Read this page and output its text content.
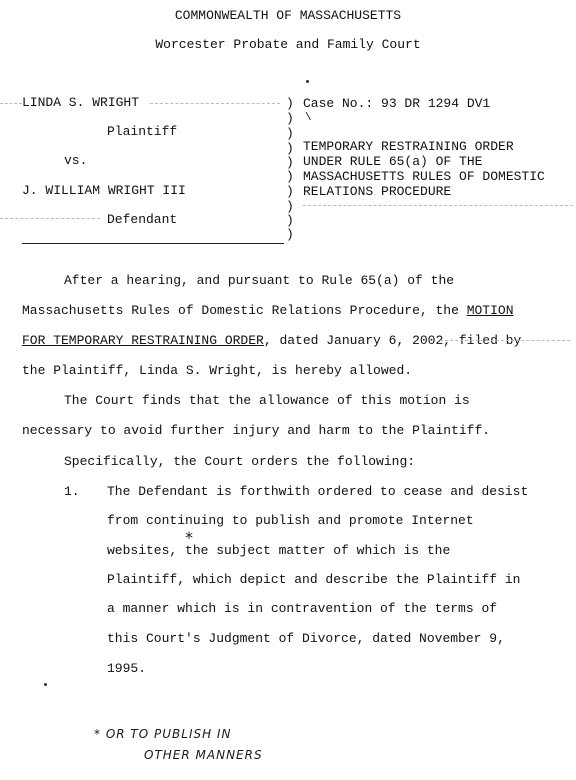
COMMONWEALTH OF MASSACHUSETTS
Worcester Probate and Family Court
LINDA S. WRIGHT
Plaintiff
vs.
J. WILLIAM WRIGHT III
Defendant
)
)
)
)
)
)
)
)
)
)
Case No.: 93 DR 1294 DV1
\
TEMPORARY RESTRAINING ORDER
UNDER RULE 65(a) OF THE
MASSACHUSETTS RULES OF DOMESTIC
RELATIONS PROCEDURE
After a hearing, and pursuant to Rule 65(a) of the
Massachusetts Rules of Domestic Relations Procedure, the MOTION
FOR TEMPORARY RESTRAINING ORDER, dated January 6, 2002, filed by
the Plaintiff, Linda S. Wright, is hereby allowed.
The Court finds that the allowance of this motion is
necessary to avoid further injury and harm to the Plaintiff.
Specifically, the Court orders the following:
1. The Defendant is forthwith ordered to cease and desist
from continuing to publish and promote Internet
websites, the subject matter of which is the
Plaintiff, which depict and describe the Plaintiff in
a manner which is in contravention of the terms of
this Court's Judgment of Divorce, dated November 9,
1995.
*
* OR TO PUBLISH IN
OTHER MANNERS
